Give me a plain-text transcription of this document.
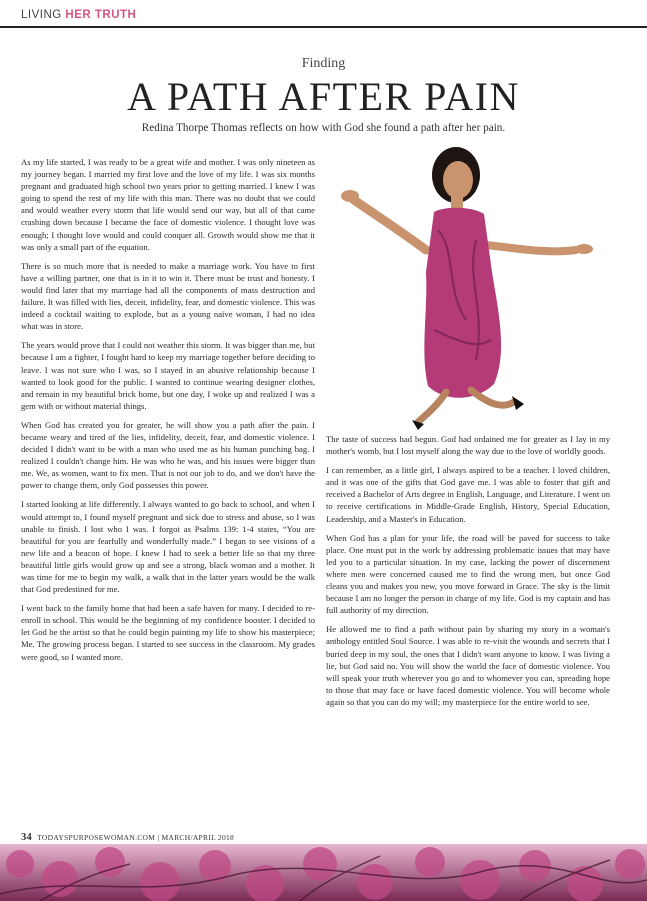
LIVING HER TRUTH
Finding
A PATH AFTER PAIN
Redina Thorpe Thomas reflects on how with God she found a path after her pain.

As my life started, I was ready to be a great wife and mother. I was only nineteen as my journey began. I married my first love and the love of my life. I was six months pregnant and graduated high school two years prior to getting married. I knew I was going to spend the rest of my life with this man. There was no doubt that we could and would weather every storm that life would send our way, but all of that came crashing down because I became the face of domestic violence. I thought love was enough; I thought love would and could conquer all. Growth would show me that it was only a small part of the equation.

There is so much more that is needed to make a marriage work. You have to first have a willing partner, one that is in it to win it. There must be trust and honesty. I would find later that my marriage had all the components of mass destruction and failure. It was filled with lies, deceit, infidelity, fear, and domestic violence. This was indeed a cocktail waiting to explode, but as a young naïve woman, I had no idea what was in store.

The years would prove that I could not weather this storm. It was bigger than me, but because I am a fighter, I fought hard to keep my marriage together before deciding to leave. I was not sure who I was, so I stayed in an abusive relationship because I wanted to look good for the public. I wanted to continue wearing designer clothes, and remain in my beautiful brick home, but one day, I woke up and realized I was a gem with or without material things.

When God has created you for greater, he will show you a path after the pain. I became weary and tired of the lies, infidelity, deceit, fear, and domestic violence. I decided I didn't want to be with a man who used me as his human punching bag. I realized I couldn't change him. He was who he was, and his issues were bigger than me. We, as women, want to fix men. That is not our job to do, and we don't have the power to change them, only God possesses this power.

I started looking at life differently. I always wanted to go back to school, and when I would attempt to, I found myself pregnant and sick due to stress and abuse, so I was unable to finish. I lost who I was. I forgot as Psalms 139: 1-4 states, “You are beautiful for you are fearfully and wonderfully made.” I began to see visions of a new life and a beacon of hope. I knew I had to seek a better life so that my three beautiful little girls would grow up and see a strong, black woman and a mother. It was time for me to begin my walk, a walk that in the latter years would be the walk that God predestined for me.

I went back to the family home that had been a safe haven for many. I decided to re-enroll in school. This would be the beginning of my confidence booster. I decided to let God be the artist so that he could begin painting my life to show his masterpiece; Me. The growing process began. I started to see success in the classroom. My grades were good, so I wanted more.

The taste of success had begun. God had ordained me for greater as I lay in my mother's womb, but I lost myself along the way due to the love of worldly goods.

I can remember, as a little girl, I always aspired to be a teacher. I loved children, and it was one of the gifts that God gave me. I was able to foster that gift and received a Bachelor of Arts degree in English, Language, and Literature. I went on to receive certifications in Middle-Grade English, History, Special Education, Leadership, and a Master's in Education.

When God has a plan for your life, the road will be paved for success to take place. One must put in the work by addressing problematic issues that may have led you to a particular situation. In my case, lacking the power of discernment where men were concerned caused me to find the wrong men, but once God cleans you and makes you new, you move forward in Grace. The sky is the limit because I am no longer the person in charge of my life. God is my captain and has full authority of my direction.

He allowed me to find a path without pain by sharing my story in a woman's anthology entitled Soul Source. I was able to re-visit the wounds and secrets that I buried deep in my soul, the ones that I didn't want anyone to know. I was living a lie, but God said no. You will show the world the face of domestic violence. You will speak your truth wherever you go and to whomever you can, spreading hope to those that may face or have faced domestic violence. You will become whole again so that you can do my will; my masterpiece for the entire world to see.

34 TODAYSPURPOSEWOMAN.COM | MARCH/APRIL 2018
